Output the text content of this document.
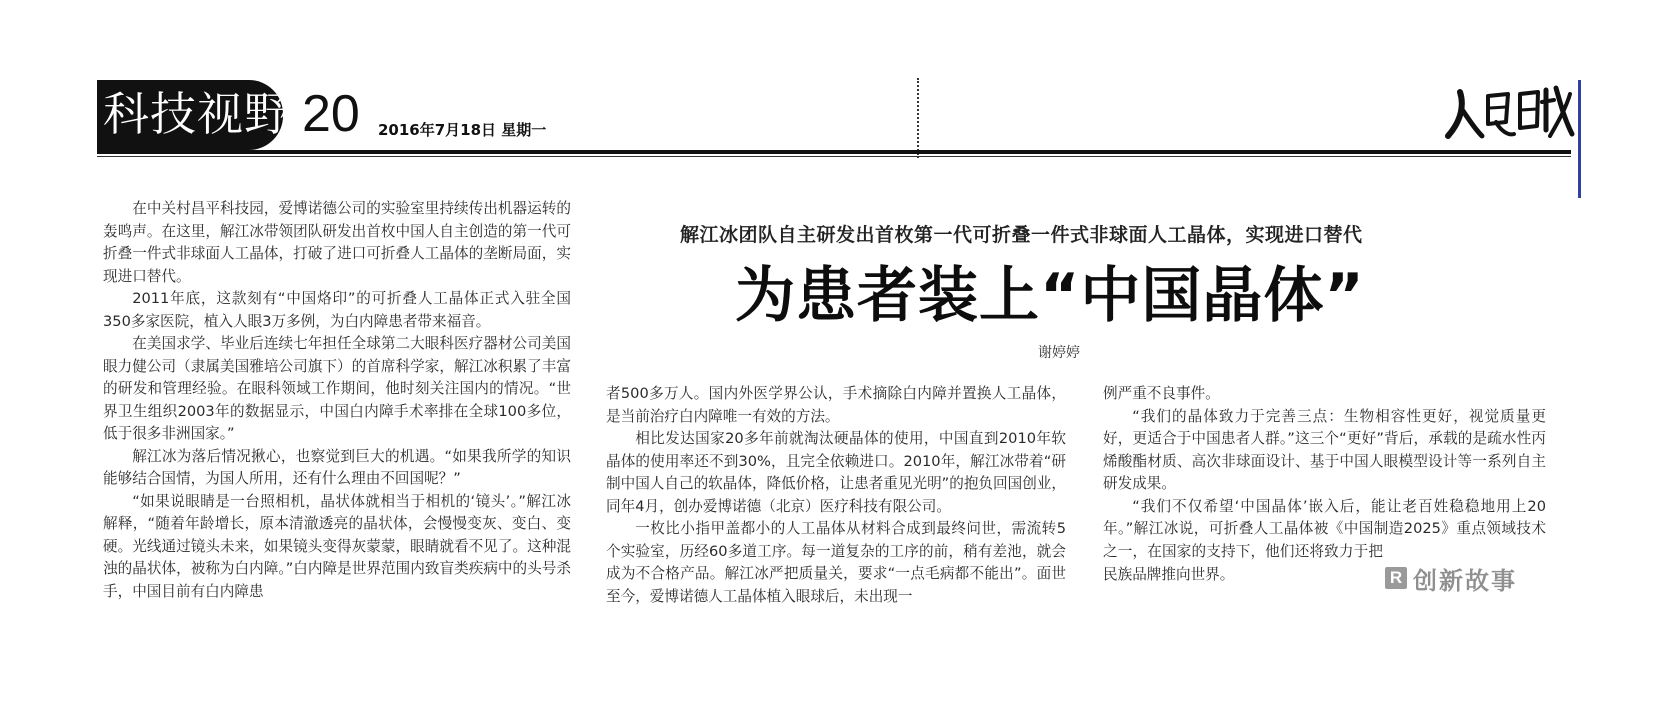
科技视野 20 2016年7月18日 星期一
解江冰团队自主研发出首枚第一代可折叠一件式非球面人工晶体，实现进口替代
为患者装上“中国晶体”
谢婷婷

在中关村昌平科技园，爱博诺德公司的实验室里持续传出机器运转的轰鸣声。在这里，解江冰带领团队研发出首枚中国人自主创造的第一代可折叠一件式非球面人工晶体，打破了进口可折叠人工晶体的垄断局面，实现进口替代。

2011年底，这款刻有“中国烙印”的可折叠人工晶体正式入驻全国350多家医院，植入人眼3万多例，为白内障患者带来福音。

在美国求学、毕业后连续七年担任全球第二大眼科医疗器材公司美国眼力健公司（隶属美国雅培公司旗下）的首席科学家，解江冰积累了丰富的研发和管理经验。在眼科领域工作期间，他时刻关注国内的情况。“世界卫生组织2003年的数据显示，中国白内障手术率排在全球100多位，低于很多非洲国家。”

解江冰为落后情况揪心，也察觉到巨大的机遇。“如果我所学的知识能够结合国情，为国人所用，还有什么理由不回国呢？”

“如果说眼睛是一台照相机，晶状体就相当于相机的‘镜头’。”解江冰解释，“随着年龄增长，原本清澈透亮的晶状体，会慢慢变灰、变白、变硬。光线通过镜头未来，如果镜头变得灰蒙蒙，眼睛就看不见了。这种混浊的晶状体，被称为白内障。”白内障是世界范围内致盲类疾病中的头号杀手，中国目前有白内障患

者500多万人。国内外医学界公认，手术摘除白内障并置换人工晶体，是当前治疗白内障唯一有效的方法。

相比发达国家20多年前就淘汰硬晶体的使用，中国直到2010年软晶体的使用率还不到30%，且完全依赖进口。2010年，解江冰带着“研制中国人自己的软晶体，降低价格，让患者重见光明”的抱负回国创业，同年4月，创办爱博诺德（北京）医疗科技有限公司。

一枚比小指甲盖都小的人工晶体从材料合成到最终问世，需流转5个实验室，历经60多道工序。每一道复杂的工序的前，稍有差池，就会成为不合格产品。解江冰严把质量关，要求“一点毛病都不能出”。面世至今，爱博诺德人工晶体植入眼球后，未出现一

例严重不良事件。

“我们的晶体致力于完善三点：生物相容性更好，视觉质量更好，更适合于中国患者人群。”这三个“更好”背后，承载的是疏水性丙烯酸酯材质、高次非球面设计、基于中国人眼模型设计等一系列自主研发成果。

“我们不仅希望‘中国晶体’嵌入后，能让老百姓稳稳地用上20年。”解江冰说，可折叠人工晶体被《中国制造2025》重点领域技术

之一，在国家的支持下，他们还将致力于把民族品牌推向世界。	R 创新故事
